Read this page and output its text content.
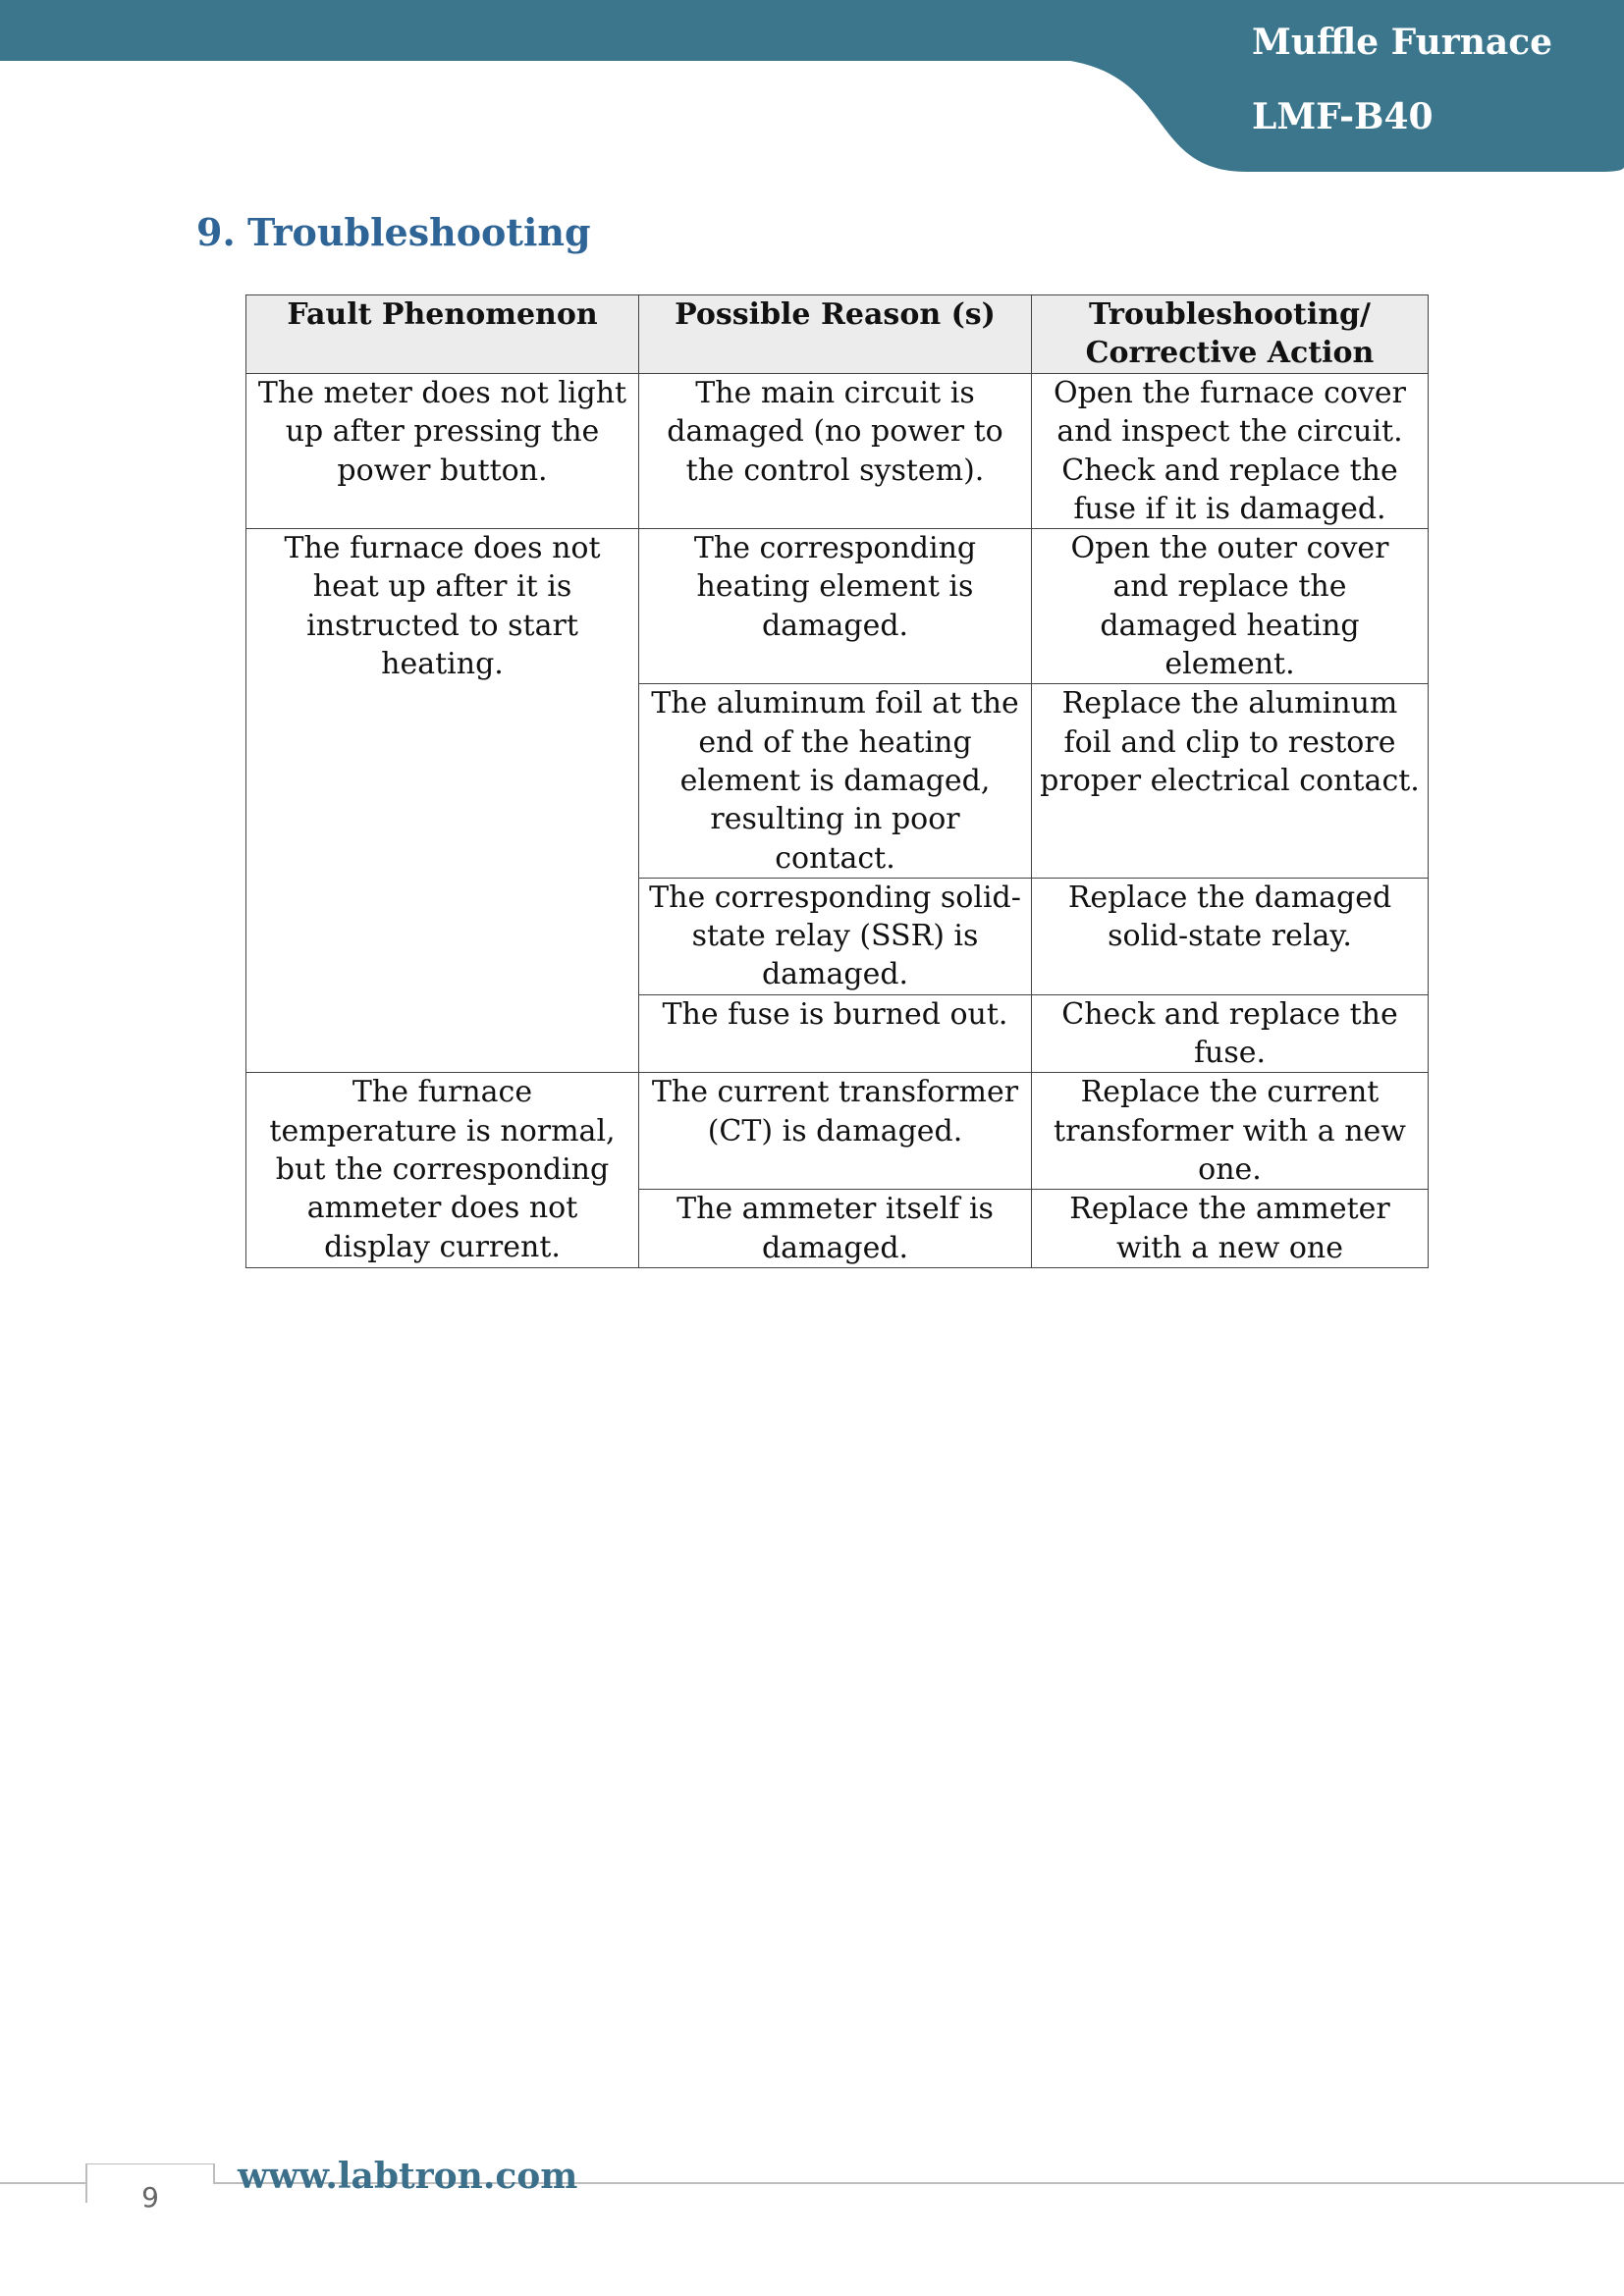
Muffle Furnace
LMF-B40
9. Troubleshooting
Fault Phenomenon	Possible Reason (s)	Troubleshooting/ Corrective Action
The meter does not light up after pressing the power button.	The main circuit is damaged (no power to the control system).	Open the furnace cover and inspect the circuit. Check and replace the fuse if it is damaged.
The furnace does not heat up after it is instructed to start heating.	The corresponding heating element is damaged.	Open the outer cover and replace the damaged heating element.
	The aluminum foil at the end of the heating element is damaged, resulting in poor contact.	Replace the aluminum foil and clip to restore proper electrical contact.
	The corresponding solid-state relay (SSR) is damaged.	Replace the damaged solid-state relay.
	The fuse is burned out.	Check and replace the fuse.
The furnace temperature is normal, but the corresponding ammeter does not display current.	The current transformer (CT) is damaged.	Replace the current transformer with a new one.
	The ammeter itself is damaged.	Replace the ammeter with a new one
9
www.labtron.com
